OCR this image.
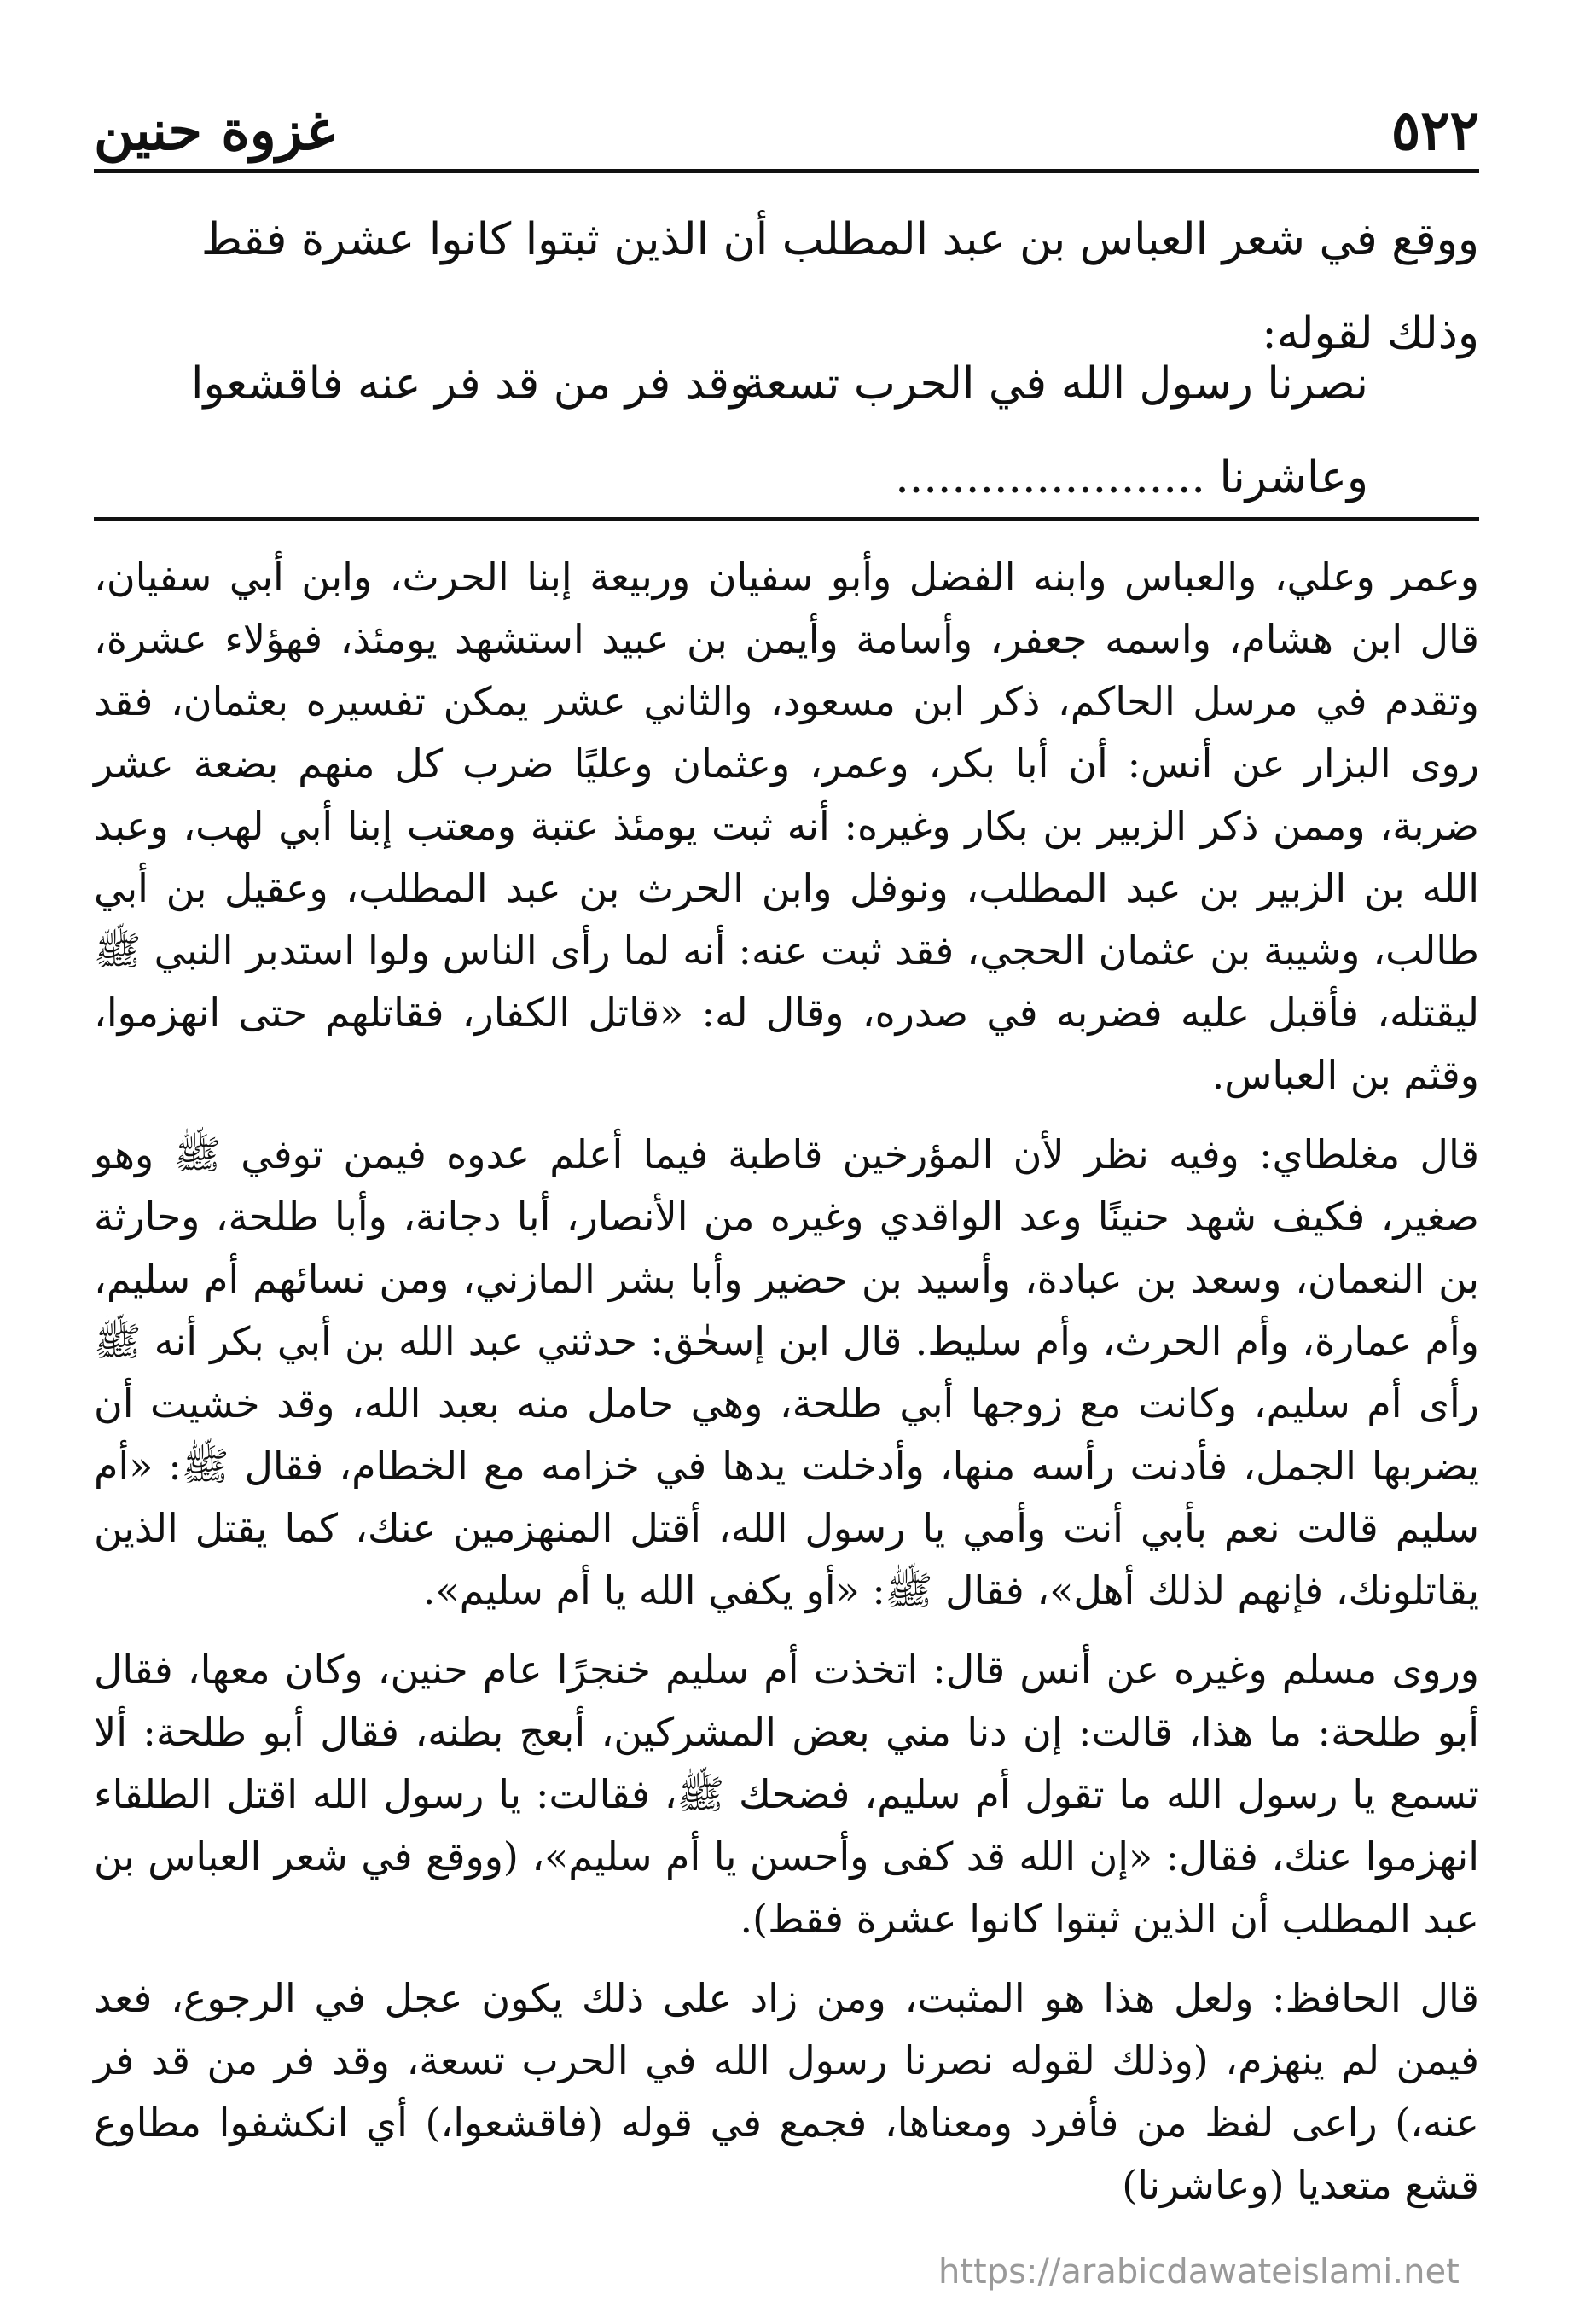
٥٢٢
غزوة حنين

ووقع في شعر العباس بن عبد المطلب أن الذين ثبتوا كانوا عشرة فقط

وذلك لقوله:

نصرنا رسول الله في الحرب تسعة
وقد فر من قد فر عنه فاقشعوا
وعاشرنا ......................

وعمر وعلي، والعباس وابنه الفضل وأبو سفيان وربيعة إبنا الحرث، وابن أبي سفيان، قال ابن هشام، واسمه جعفر، وأسامة وأيمن بن عبيد استشهد يومئذ، فهؤلاء عشرة، وتقدم في مرسل الحاكم، ذكر ابن مسعود، والثاني عشر يمكن تفسيره بعثمان، فقد روى البزار عن أنس: أن أبا بكر، وعمر، وعثمان وعليًا ضرب كل منهم بضعة عشر ضربة، وممن ذكر الزبير بن بكار وغيره: أنه ثبت يومئذ عتبة ومعتب إبنا أبي لهب، وعبد الله بن الزبير بن عبد المطلب، ونوفل وابن الحرث بن عبد المطلب، وعقيل بن أبي طالب، وشيبة بن عثمان الحجي، فقد ثبت عنه: أنه لما رأى الناس ولوا استدبر النبي ﷺ ليقتله، فأقبل عليه فضربه في صدره، وقال له: «قاتل الكفار، فقاتلهم حتى انهزموا، وقثم بن العباس.

قال مغلطاي: وفيه نظر لأن المؤرخين قاطبة فيما أعلم عدوه فيمن توفي ﷺ وهو صغير، فكيف شهد حنينًا وعد الواقدي وغيره من الأنصار، أبا دجانة، وأبا طلحة، وحارثة بن النعمان، وسعد بن عبادة، وأسيد بن حضير وأبا بشر المازني، ومن نسائهم أم سليم، وأم عمارة، وأم الحرث، وأم سليط. قال ابن إسحٰق: حدثني عبد الله بن أبي بكر أنه ﷺ رأى أم سليم، وكانت مع زوجها أبي طلحة، وهي حامل منه بعبد الله، وقد خشيت أن يضربها الجمل، فأدنت رأسه منها، وأدخلت يدها في خزامه مع الخطام، فقال ﷺ: «أم سليم قالت نعم بأبي أنت وأمي يا رسول الله، أقتل المنهزمين عنك، كما يقتل الذين يقاتلونك، فإنهم لذلك أهل»، فقال ﷺ: «أو يكفي الله يا أم سليم».

وروى مسلم وغيره عن أنس قال: اتخذت أم سليم خنجرًا عام حنين، وكان معها، فقال أبو طلحة: ما هذا، قالت: إن دنا مني بعض المشركين، أبعج بطنه، فقال أبو طلحة: ألا تسمع يا رسول الله ما تقول أم سليم، فضحك ﷺ، فقالت: يا رسول الله اقتل الطلقاء انهزموا عنك، فقال: «إن الله قد كفى وأحسن يا أم سليم»، (ووقع في شعر العباس بن عبد المطلب أن الذين ثبتوا كانوا عشرة فقط).

قال الحافظ: ولعل هذا هو المثبت، ومن زاد على ذلك يكون عجل في الرجوع، فعد فيمن لم ينهزم، (وذلك لقوله نصرنا رسول الله في الحرب تسعة، وقد فر من قد فر عنه،) راعى لفظ من فأفرد ومعناها، فجمع في قوله (فاقشعوا،) أي انكشفوا مطاوع قشع متعديا (وعاشرنا)

https://arabicdawateislami.net
